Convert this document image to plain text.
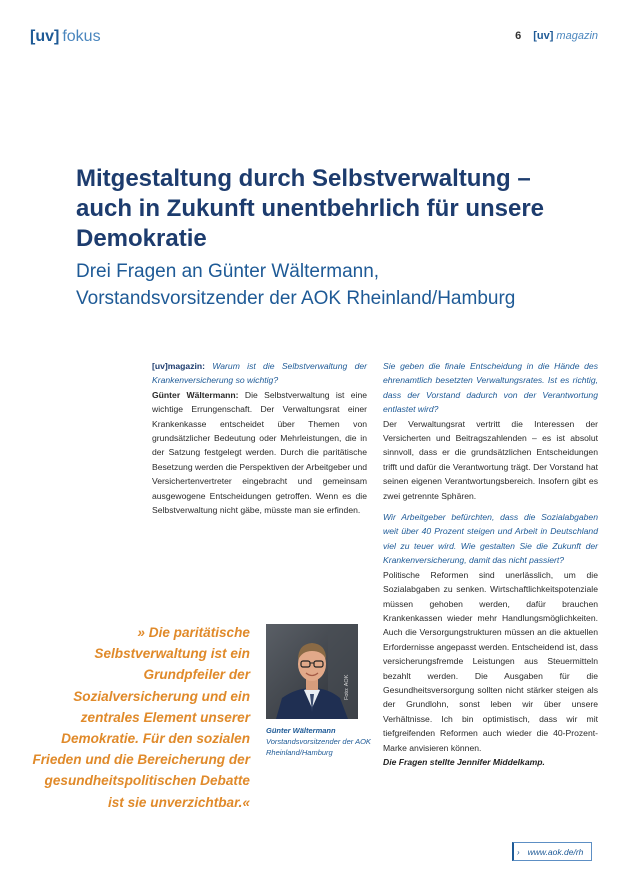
[uv] fokus	6 [uv] magazin
Mitgestaltung durch Selbstverwaltung – auch in Zukunft unentbehrlich für unsere Demokratie
Drei Fragen an Günter Wältermann,
Vorstandsvorsitzender der AOK Rheinland/Hamburg

[uv]magazin: Warum ist die Selbstverwaltung der Krankenversicherung so wichtig?

Günter Wältermann: Die Selbstverwaltung ist eine wichtige Errungenschaft. Der Verwaltungsrat einer Krankenkasse entscheidet über Themen von grundsätzlicher Bedeutung oder Mehrleistungen, die in der Satzung festgelegt werden. Durch die paritätische Besetzung werden die Perspektiven der Arbeitgeber und Versichertenvertreter eingebracht und gemeinsam ausgewogene Entscheidungen getroffen. Wenn es die Selbstverwaltung nicht gäbe, müsste man sie erfinden.

Sie geben die finale Entscheidung in die Hände des ehrenamtlich besetzten Verwaltungsrates. Ist es richtig, dass der Vorstand dadurch von der Verantwortung entlastet wird?

Der Verwaltungsrat vertritt die Interessen der Versicherten und Beitragszahlenden – es ist absolut sinnvoll, dass er die grundsätzlichen Entscheidungen trifft und dafür die Verantwortung trägt. Der Vorstand hat seinen eigenen Verantwortungsbereich. Insofern gibt es zwei getrennte Sphären.

Wir Arbeitgeber befürchten, dass die Sozialabgaben weit über 40 Prozent steigen und Arbeit in Deutschland viel zu teuer wird. Wie gestalten Sie die Zukunft der Krankenversicherung, damit das nicht passiert?

Politische Reformen sind unerlässlich, um die Sozialabgaben zu senken. Wirtschaftlichkeitspotenziale müssen gehoben werden, dafür brauchen Krankenkassen wieder mehr Handlungsmöglichkeiten. Auch die Versorgungstrukturen müssen an die aktuellen Erfordernisse angepasst werden. Entscheidend ist, dass versicherungsfremde Leistungen aus Steuermitteln bezahlt werden. Die Ausgaben für die Gesundheitsversorgung sollten nicht stärker steigen als der Grundlohn, sonst leben wir über unsere Verhältnisse. Ich bin optimistisch, dass wir mit tiefgreifenden Reformen auch wieder die 40-Prozent-Marke anvisieren können.

Die Fragen stellte Jennifer Middelkamp.

» Die paritätische Selbstverwaltung ist ein Grundpfeiler der Sozialversicherung und ein zentrales Element unserer Demokratie. Für den sozialen Frieden und die Bereicherung der gesundheitspolitischen Debatte ist sie unverzichtbar.«

Foto: AOK
Günter Wältermann
Vorstandsvorsitzender der AOK Rheinland/Hamburg
› www.aok.de/rh
